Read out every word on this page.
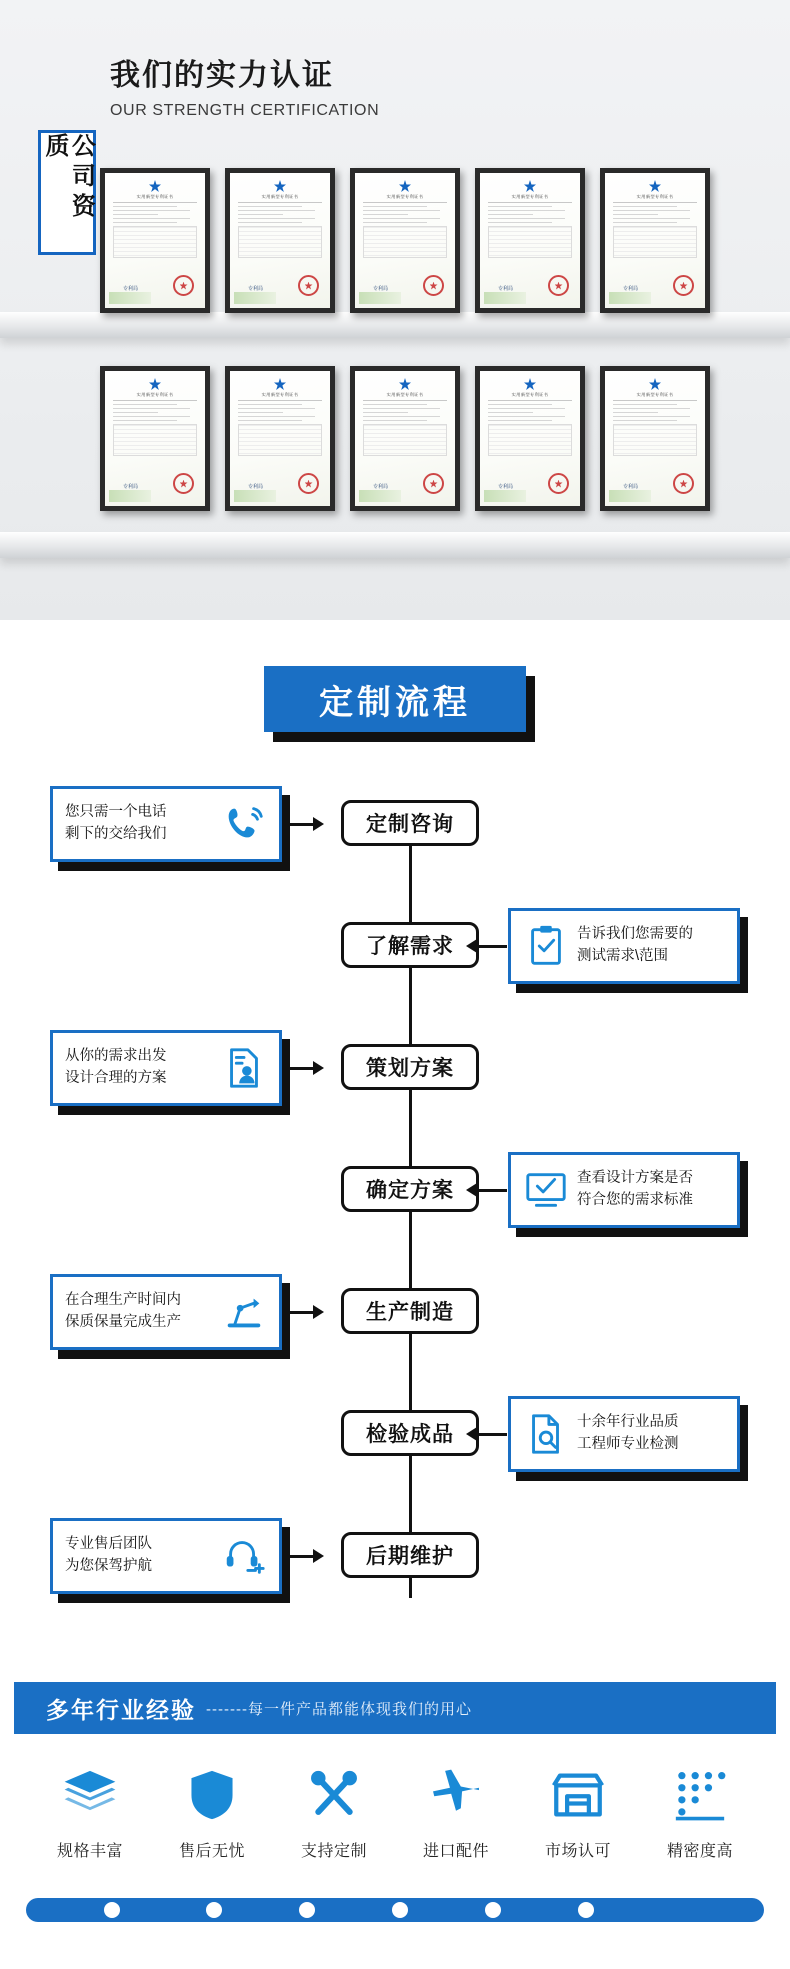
我们的实力认证
OUR STRENGTH CERTIFICATION
公司资质
实用新型专利证书
专利局
实用新型专利证书
专利局
实用新型专利证书
专利局
实用新型专利证书
专利局
实用新型专利证书
专利局
实用新型专利证书
专利局
实用新型专利证书
专利局
实用新型专利证书
专利局
实用新型专利证书
专利局
实用新型专利证书
专利局
定制流程
您只需一个电话
剩下的交给我们	定制咨询
了解需求
告诉我们您需要的
测试需求\范围
从你的需求出发
设计合理的方案	策划方案
确定方案
查看设计方案是否
符合您的需求标准
在合理生产时间内
保质保量完成生产	生产制造
检验成品
十余年行业品质
工程师专业检测
专业售后团队
为您保驾护航	后期维护
多年行业经验 -------每一件产品都能体现我们的用心
规格丰富
售
售后无忧	支持定制	进口配件	市场认可	精密度高
